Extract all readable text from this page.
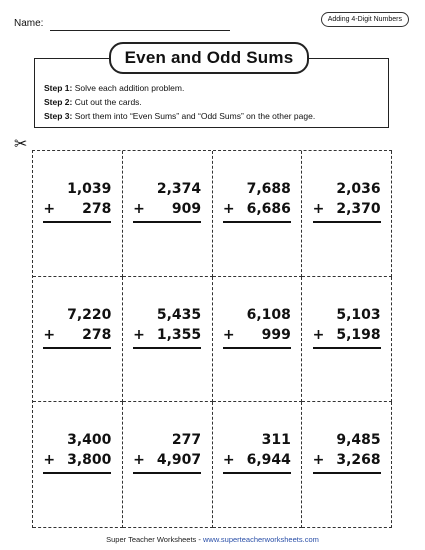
Name:	Adding 4-Digit Numbers
Step 1: Solve each addition problem.
Step 2: Cut out the cards.
Step 3: Sort them into “Even Sums” and “Odd Sums” on the other page.
Even and Odd Sums
✂
1,039
+ 278
2,374
+ 909
7,688
+ 6,686
2,036
+ 2,370
7,220
+ 278
5,435
+ 1,355
6,108
+ 999
5,103
+ 5,198
3,400
+ 3,800
277
+ 4,907
311
+ 6,944
9,485
+ 3,268
Super Teacher Worksheets - www.superteacherworksheets.com
